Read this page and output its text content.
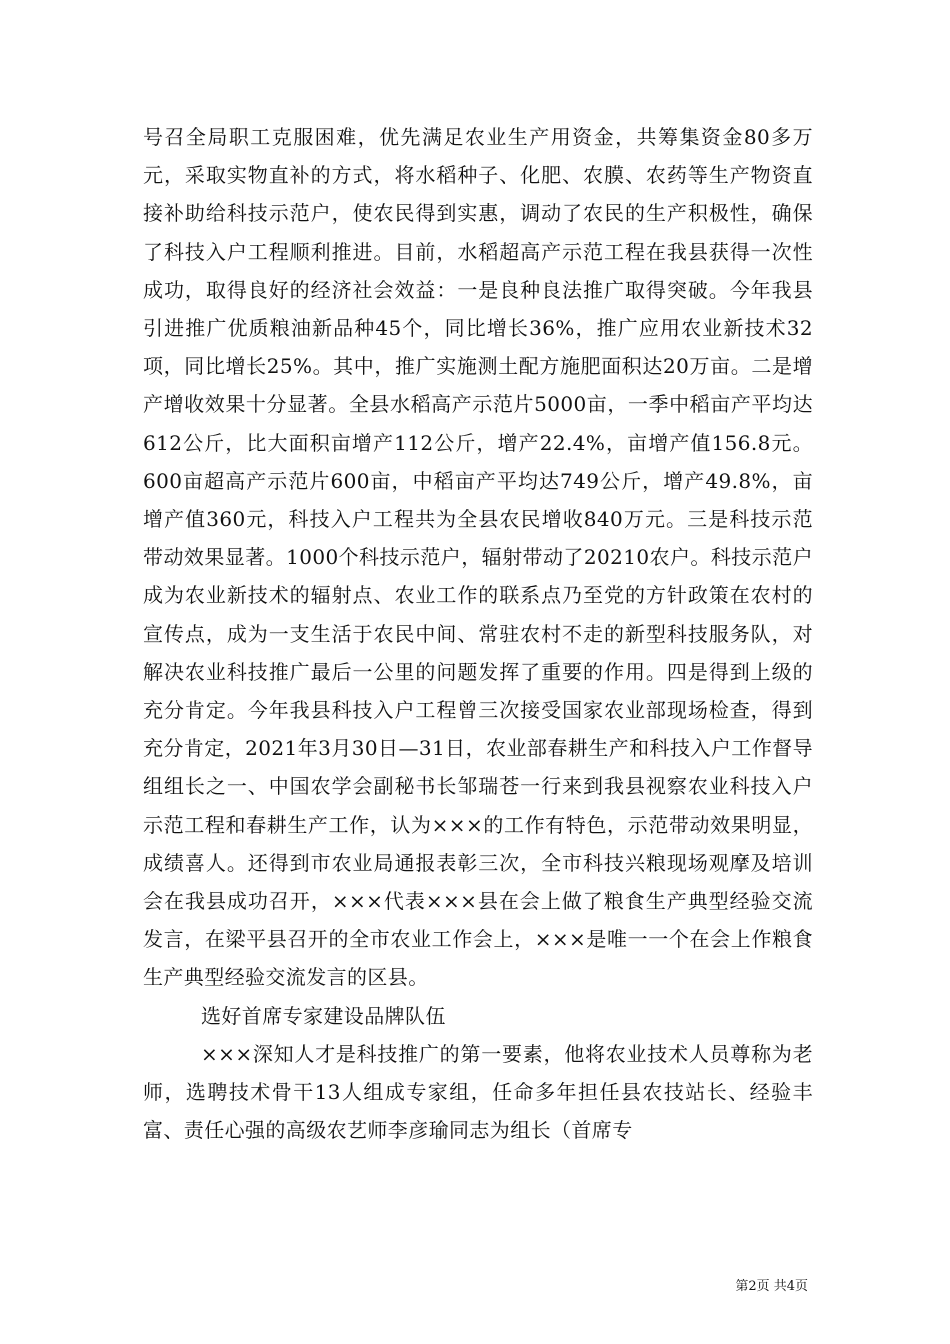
号召全局职工克服困难，优先满足农业生产用资金，共筹集资金80多万元，采取实物直补的方式，将水稻种子、化肥、农膜、农药等生产物资直接补助给科技示范户，使农民得到实惠，调动了农民的生产积极性，确保了科技入户工程顺利推进。目前，水稻超高产示范工程在我县获得一次性成功，取得良好的经济社会效益：一是良种良法推广取得突破。今年我县引进推广优质粮油新品种45个，同比增长36%，推广应用农业新技术32项，同比增长25%。其中，推广实施测土配方施肥面积达20万亩。二是增产增收效果十分显著。全县水稻高产示范片5000亩，一季中稻亩产平均达612公斤，比大面积亩增产112公斤，增产22.4%，亩增产值156.8元。600亩超高产示范片600亩，中稻亩产平均达749公斤，增产49.8%，亩增产值360元，科技入户工程共为全县农民增收840万元。三是科技示范带动效果显著。1000个科技示范户，辐射带动了20210农户。科技示范户成为农业新技术的辐射点、农业工作的联系点乃至党的方针政策在农村的宣传点，成为一支生活于农民中间、常驻农村不走的新型科技服务队，对解决农业科技推广最后一公里的问题发挥了重要的作用。四是得到上级的充分肯定。今年我县科技入户工程曾三次接受国家农业部现场检查，得到充分肯定，2021年3月30日—31日，农业部春耕生产和科技入户工作督导组组长之一、中国农学会副秘书长邹瑞苍一行来到我县视察农业科技入户示范工程和春耕生产工作，认为×××的工作有特色，示范带动效果明显，成绩喜人。还得到市农业局通报表彰三次，全市科技兴粮现场观摩及培训会在我县成功召开，×××代表×××县在会上做了粮食生产典型经验交流发言，在梁平县召开的全市农业工作会上，×××是唯一一个在会上作粮食生产典型经验交流发言的区县。

选好首席专家建设品牌队伍

×××深知人才是科技推广的第一要素，他将农业技术人员尊称为老师，选聘技术骨干13人组成专家组，任命多年担任县农技站长、经验丰富、责任心强的高级农艺师李彦瑜同志为组长（首席专

第2页 共4页
